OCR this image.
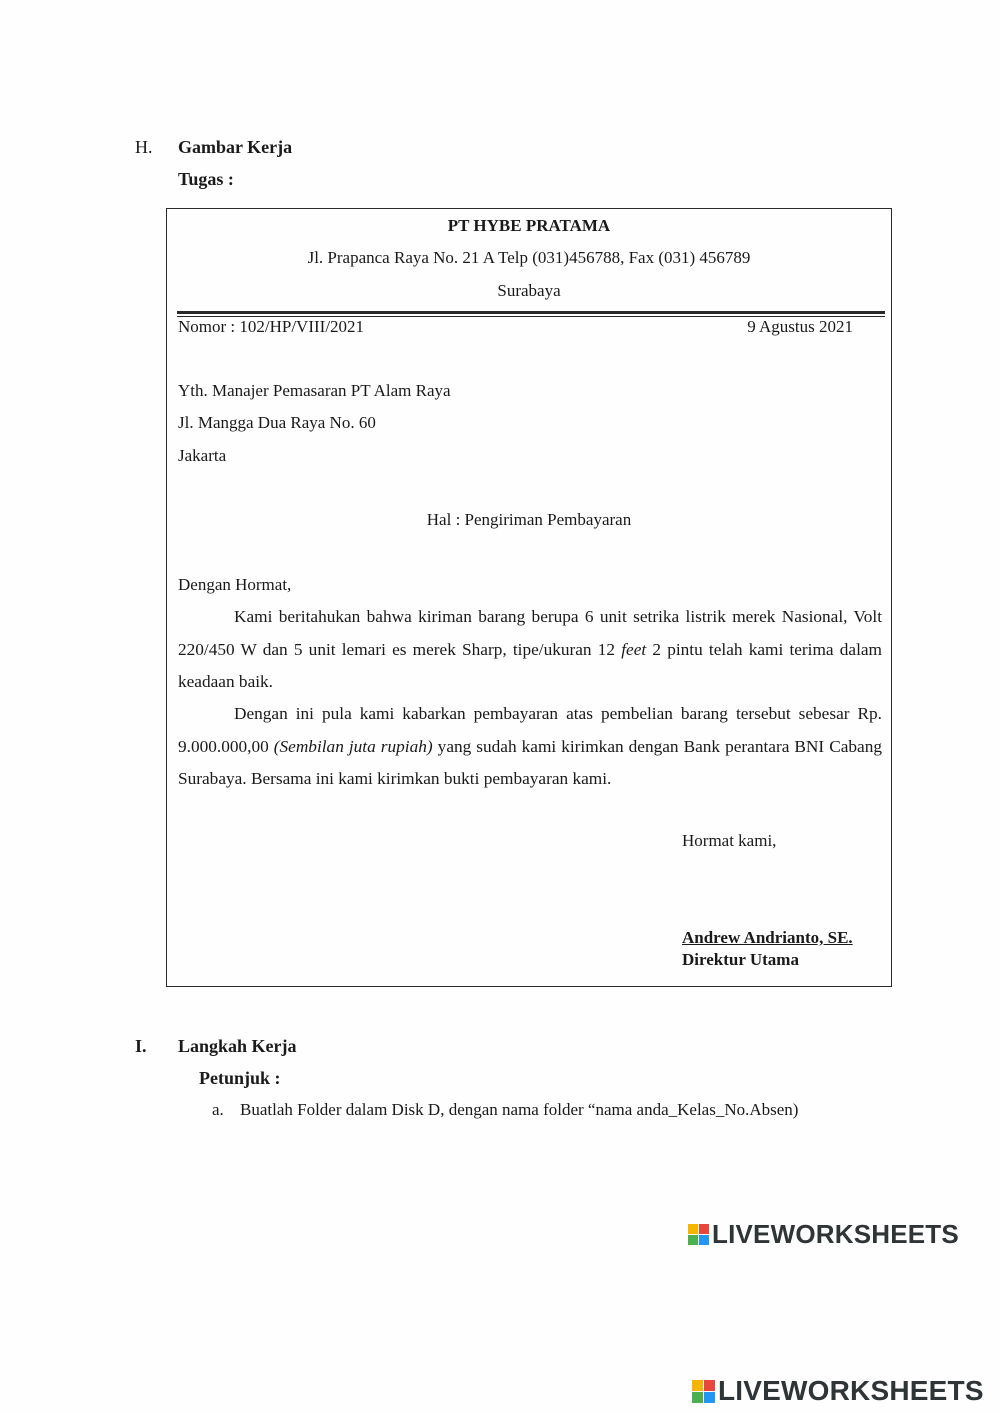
H. Gambar Kerja
Tugas :
PT HYBE PRATAMA
Jl. Prapanca Raya No. 21 A Telp (031)456788, Fax (031) 456789
Surabaya
Nomor : 102/HP/VIII/2021	9 Agustus 2021
Yth. Manajer Pemasaran PT Alam Raya
Jl. Mangga Dua Raya No. 60
Jakarta
Hal : Pengiriman Pembayaran
Dengan Hormat,
Kami beritahukan bahwa kiriman barang berupa 6 unit setrika listrik merek Nasional, Volt 220/450 W dan 5 unit lemari es merek Sharp, tipe/ukuran 12 feet 2 pintu telah kami terima dalam keadaan baik.
Dengan ini pula kami kabarkan pembayaran atas pembelian barang tersebut sebesar Rp. 9.000.000,00 (Sembilan juta rupiah) yang sudah kami kirimkan dengan Bank perantara BNI Cabang Surabaya. Bersama ini kami kirimkan bukti pembayaran kami.
Hormat kami,
Andrew Andrianto, SE.
Direktur Utama
I. Langkah Kerja
Petunjuk :
a. Buatlah Folder dalam Disk D, dengan nama folder “nama anda_Kelas_No.Absen)
LIVEWORKSHEETS
LIVEWORKSHEETS
